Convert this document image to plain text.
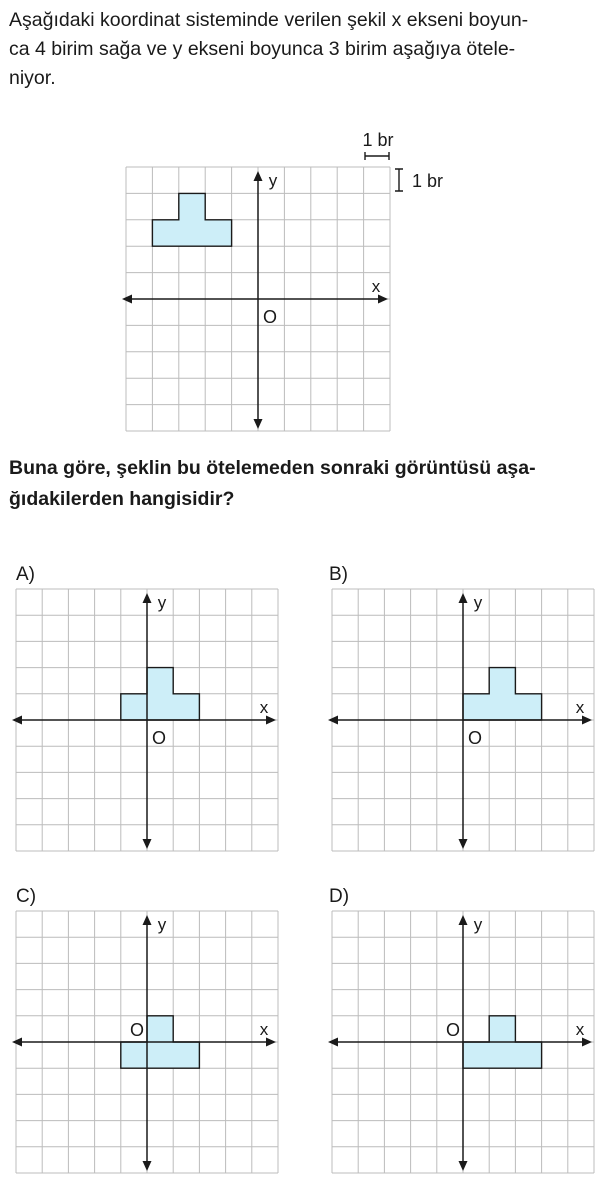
Aşağıdaki koordinat sisteminde verilen şekil x ekseni boyun-
ca 4 birim sağa ve y ekseni boyunca 3 birim aşağıya ötele-
niyor.

x
y
O
1 br
1 br

Buna göre, şeklin bu ötelemeden sonraki görüntüsü aşa-
ğıdakilerden hangisidir?

A)
x
y
O
B)
x
y
O
C)
x
y
O
D)
x
y
O
